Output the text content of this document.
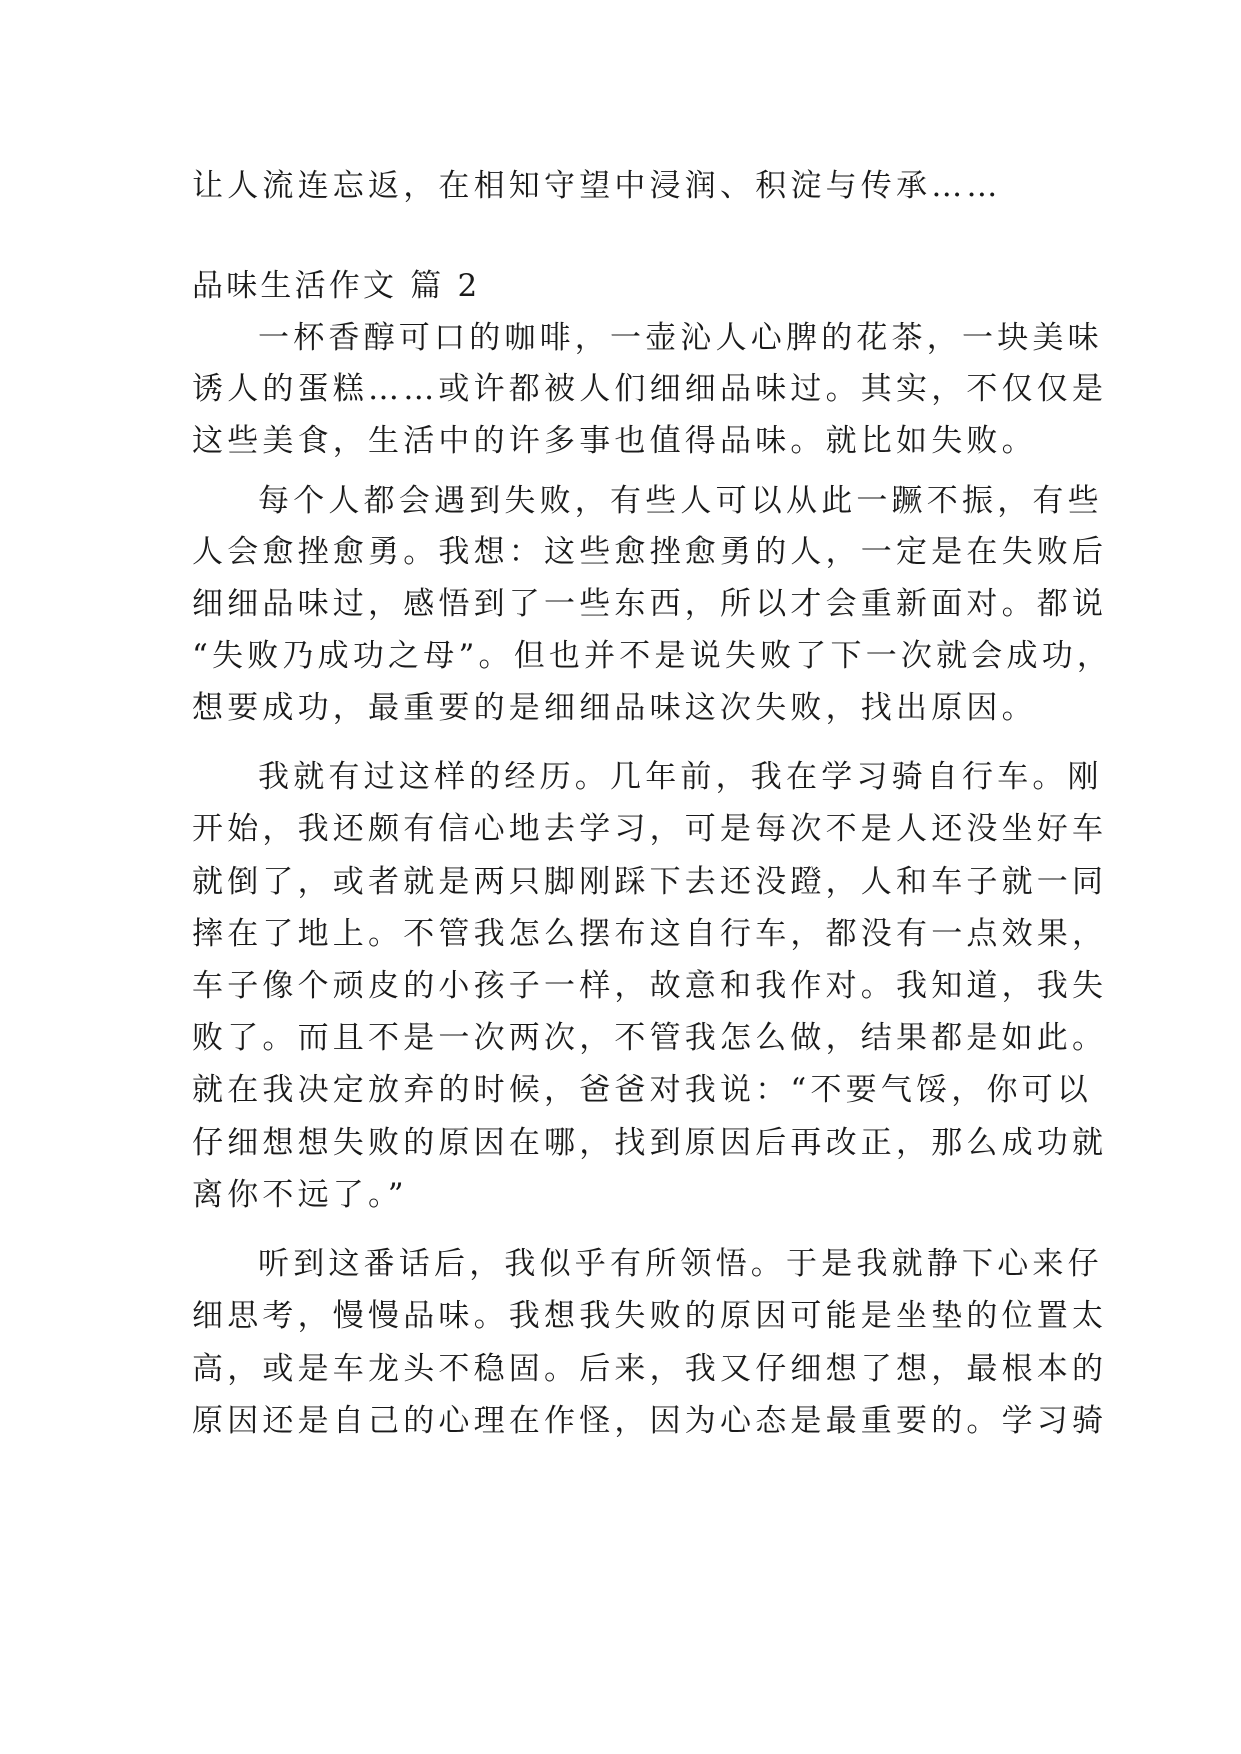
让人流连忘返，在相知守望中浸润、积淀与传承……
品味生活作文 篇 2
一杯香醇可口的咖啡，一壶沁人心脾的花茶，一块美味
诱人的蛋糕……或许都被人们细细品味过。其实，不仅仅是
这些美食，生活中的许多事也值得品味。就比如失败。
每个人都会遇到失败，有些人可以从此一蹶不振，有些
人会愈挫愈勇。我想：这些愈挫愈勇的人，一定是在失败后
细细品味过，感悟到了一些东西，所以才会重新面对。都说
“失败乃成功之母”。但也并不是说失败了下一次就会成功，
想要成功，最重要的是细细品味这次失败，找出原因。
我就有过这样的经历。几年前，我在学习骑自行车。刚
开始，我还颇有信心地去学习，可是每次不是人还没坐好车
就倒了，或者就是两只脚刚踩下去还没蹬，人和车子就一同
摔在了地上。不管我怎么摆布这自行车，都没有一点效果，
车子像个顽皮的小孩子一样，故意和我作对。我知道，我失
败了。而且不是一次两次，不管我怎么做，结果都是如此。
就在我决定放弃的时候，爸爸对我说：“不要气馁，你可以
仔细想想失败的原因在哪，找到原因后再改正，那么成功就
离你不远了。”
听到这番话后，我似乎有所领悟。于是我就静下心来仔
细思考，慢慢品味。我想我失败的原因可能是坐垫的位置太
高，或是车龙头不稳固。后来，我又仔细想了想，最根本的
原因还是自己的心理在作怪，因为心态是最重要的。学习骑
